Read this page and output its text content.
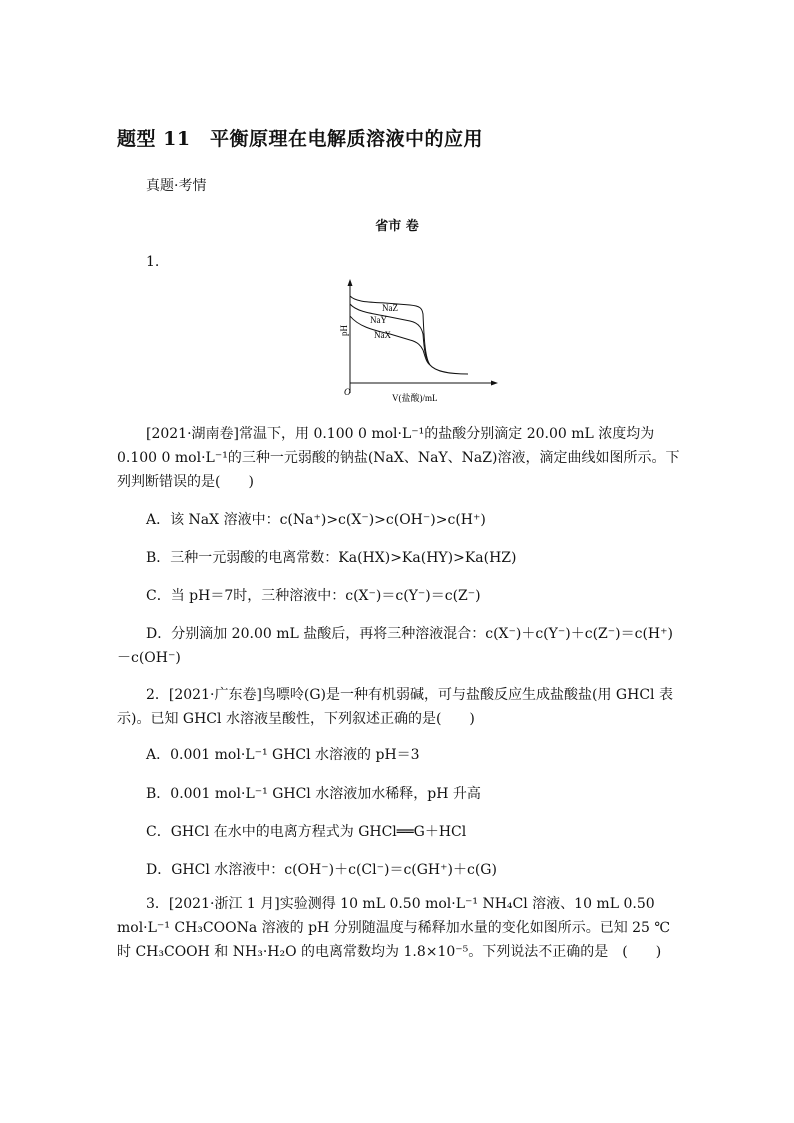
题型 11　平衡原理在电解质溶液中的应用
真题·考情
省市 卷
1.
NaZ
NaY
NaX
pH
O
V(盐酸)/mL
[2021·湖南卷]常温下，用 0.100 0 mol·L⁻¹的盐酸分别滴定 20.00 mL 浓度均为 0.100 0 mol·L⁻¹的三种一元弱酸的钠盐(NaX、NaY、NaZ)溶液，滴定曲线如图所示。下列判断错误的是(　　)
A．该 NaX 溶液中：c(Na⁺)>c(X⁻)>c(OH⁻)>c(H⁺)
B．三种一元弱酸的电离常数：Ka(HX)>Ka(HY)>Ka(HZ)
C．当 pH＝7时，三种溶液中：c(X⁻)＝c(Y⁻)＝c(Z⁻)
D．分别滴加 20.00 mL 盐酸后，再将三种溶液混合：c(X⁻)＋c(Y⁻)＋c(Z⁻)＝c(H⁺)－c(OH⁻)
2．[2021·广东卷]鸟嘌呤(G)是一种有机弱碱，可与盐酸反应生成盐酸盐(用 GHCl 表示)。已知 GHCl 水溶液呈酸性，下列叙述正确的是(　　)
A．0.001 mol·L⁻¹ GHCl 水溶液的 pH＝3
B．0.001 mol·L⁻¹ GHCl 水溶液加水稀释，pH 升高
C．GHCl 在水中的电离方程式为 GHCl══G＋HCl
D．GHCl 水溶液中：c(OH⁻)＋c(Cl⁻)＝c(GH⁺)＋c(G)
3．[2021·浙江 1 月]实验测得 10 mL 0.50 mol·L⁻¹ NH₄Cl 溶液、10 mL 0.50 mol·L⁻¹ CH₃COONa 溶液的 pH 分别随温度与稀释加水量的变化如图所示。已知 25 ℃时 CH₃COOH 和 NH₃·H₂O 的电离常数均为 1.8×10⁻⁵。下列说法不正确的是　(　　)
